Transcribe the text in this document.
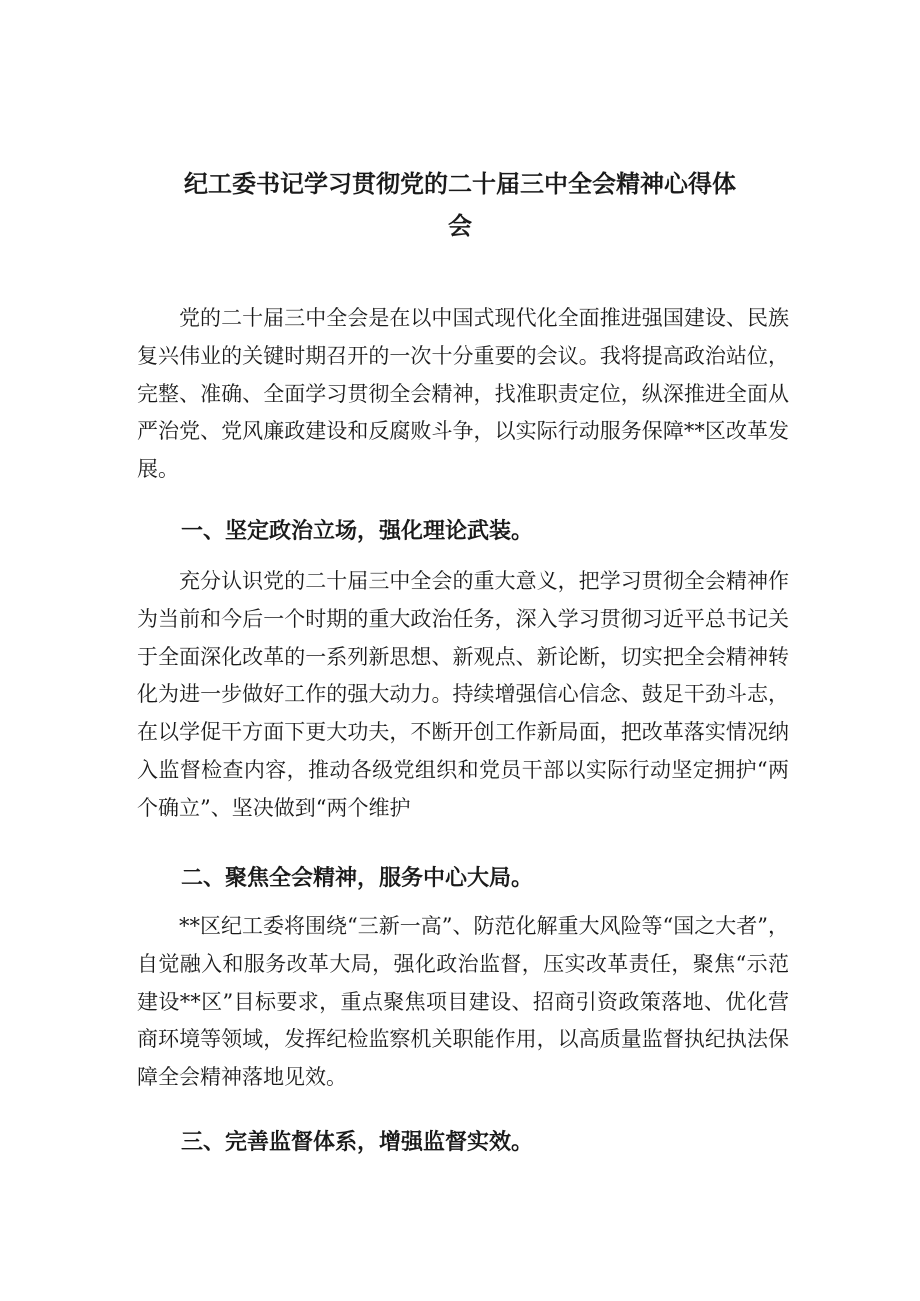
纪工委书记学习贯彻党的二十届三中全会精神心得体
会

党的二十届三中全会是在以中国式现代化全面推进强国建设、民族复兴伟业的关键时期召开的一次十分重要的会议。我将提高政治站位，完整、准确、全面学习贯彻全会精神，找准职责定位，纵深推进全面从严治党、党风廉政建设和反腐败斗争，以实际行动服务保障**区改革发展。

一、坚定政治立场，强化理论武装。

充分认识党的二十届三中全会的重大意义，把学习贯彻全会精神作为当前和今后一个时期的重大政治任务，深入学习贯彻习近平总书记关于全面深化改革的一系列新思想、新观点、新论断，切实把全会精神转化为进一步做好工作的强大动力。持续增强信心信念、鼓足干劲斗志，在以学促干方面下更大功夫，不断开创工作新局面，把改革落实情况纳入监督检查内容，推动各级党组织和党员干部以实际行动坚定拥护“两个确立”、坚决做到“两个维护

二、聚焦全会精神，服务中心大局。

**区纪工委将围绕“三新一高”、防范化解重大风险等“国之大者”，自觉融入和服务改革大局，强化政治监督，压实改革责任，聚焦“示范建设**区”目标要求，重点聚焦项目建设、招商引资政策落地、优化营商环境等领域，发挥纪检监察机关职能作用，以高质量监督执纪执法保障全会精神落地见效。

三、完善监督体系，增强监督实效。
